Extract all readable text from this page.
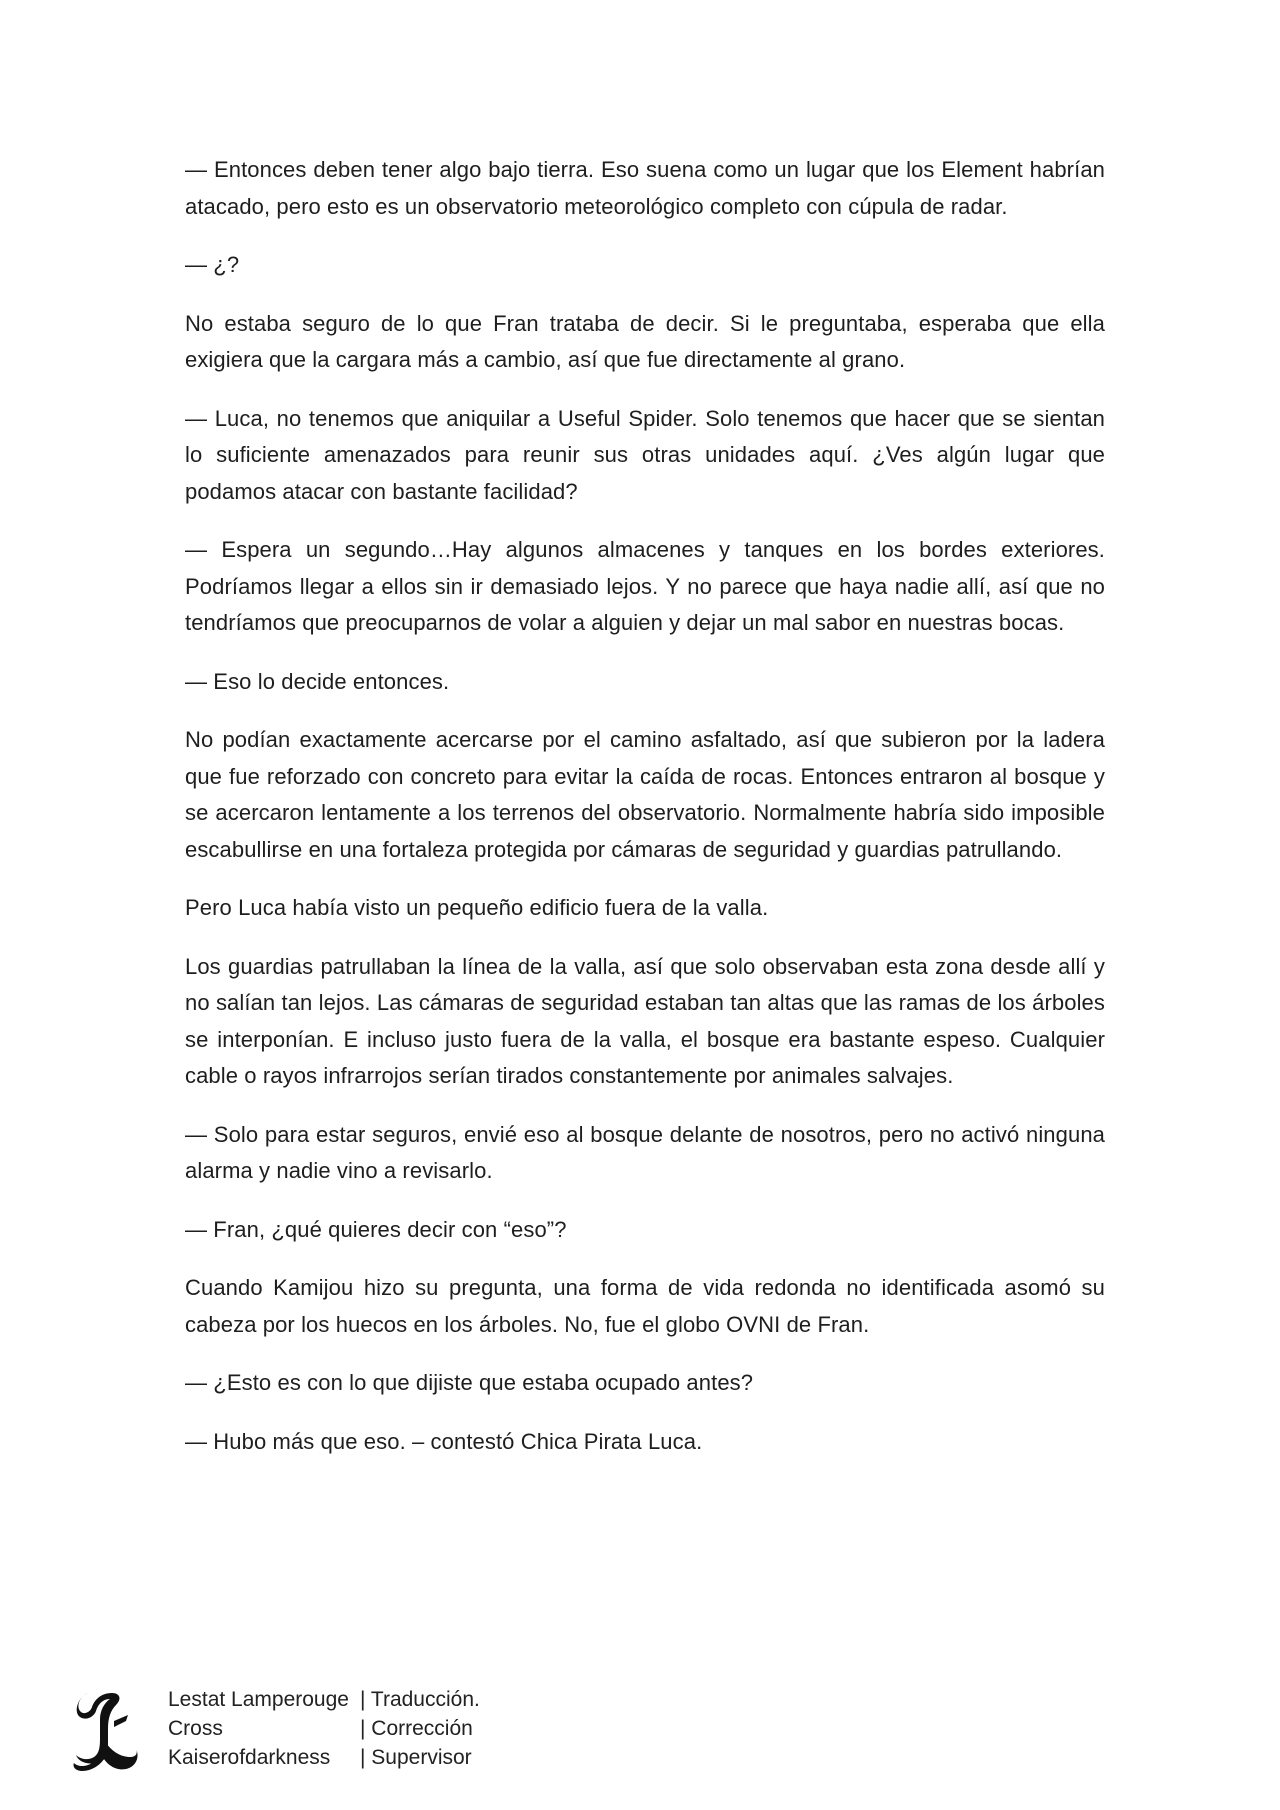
— Entonces deben tener algo bajo tierra. Eso suena como un lugar que los Element habrían atacado, pero esto es un observatorio meteorológico completo con cúpula de radar.

— ¿?

No estaba seguro de lo que Fran trataba de decir. Si le preguntaba, esperaba que ella exigiera que la cargara más a cambio, así que fue directamente al grano.

— Luca, no tenemos que aniquilar a Useful Spider. Solo tenemos que hacer que se sientan lo suficiente amenazados para reunir sus otras unidades aquí. ¿Ves algún lugar que podamos atacar con bastante facilidad?

— Espera un segundo…Hay algunos almacenes y tanques en los bordes exteriores. Podríamos llegar a ellos sin ir demasiado lejos. Y no parece que haya nadie allí, así que no tendríamos que preocuparnos de volar a alguien y dejar un mal sabor en nuestras bocas.

— Eso lo decide entonces.

No podían exactamente acercarse por el camino asfaltado, así que subieron por la ladera que fue reforzado con concreto para evitar la caída de rocas. Entonces entraron al bosque y se acercaron lentamente a los terrenos del observatorio. Normalmente habría sido imposible escabullirse en una fortaleza protegida por cámaras de seguridad y guardias patrullando.

Pero Luca había visto un pequeño edificio fuera de la valla.

Los guardias patrullaban la línea de la valla, así que solo observaban esta zona desde allí y no salían tan lejos. Las cámaras de seguridad estaban tan altas que las ramas de los árboles se interponían. E incluso justo fuera de la valla, el bosque era bastante espeso. Cualquier cable o rayos infrarrojos serían tirados constantemente por animales salvajes.

— Solo para estar seguros, envié eso al bosque delante de nosotros, pero no activó ninguna alarma y nadie vino a revisarlo.

— Fran, ¿qué quieres decir con “eso”?

Cuando Kamijou hizo su pregunta, una forma de vida redonda no identificada asomó su cabeza por los huecos en los árboles. No, fue el globo OVNI de Fran.

— ¿Esto es con lo que dijiste que estaba ocupado antes?

— Hubo más que eso. – contestó Chica Pirata Luca.

Lestat Lamperouge | Traducción.
Cross	| Corrección
Kaiserofdarkness	| Supervisor
